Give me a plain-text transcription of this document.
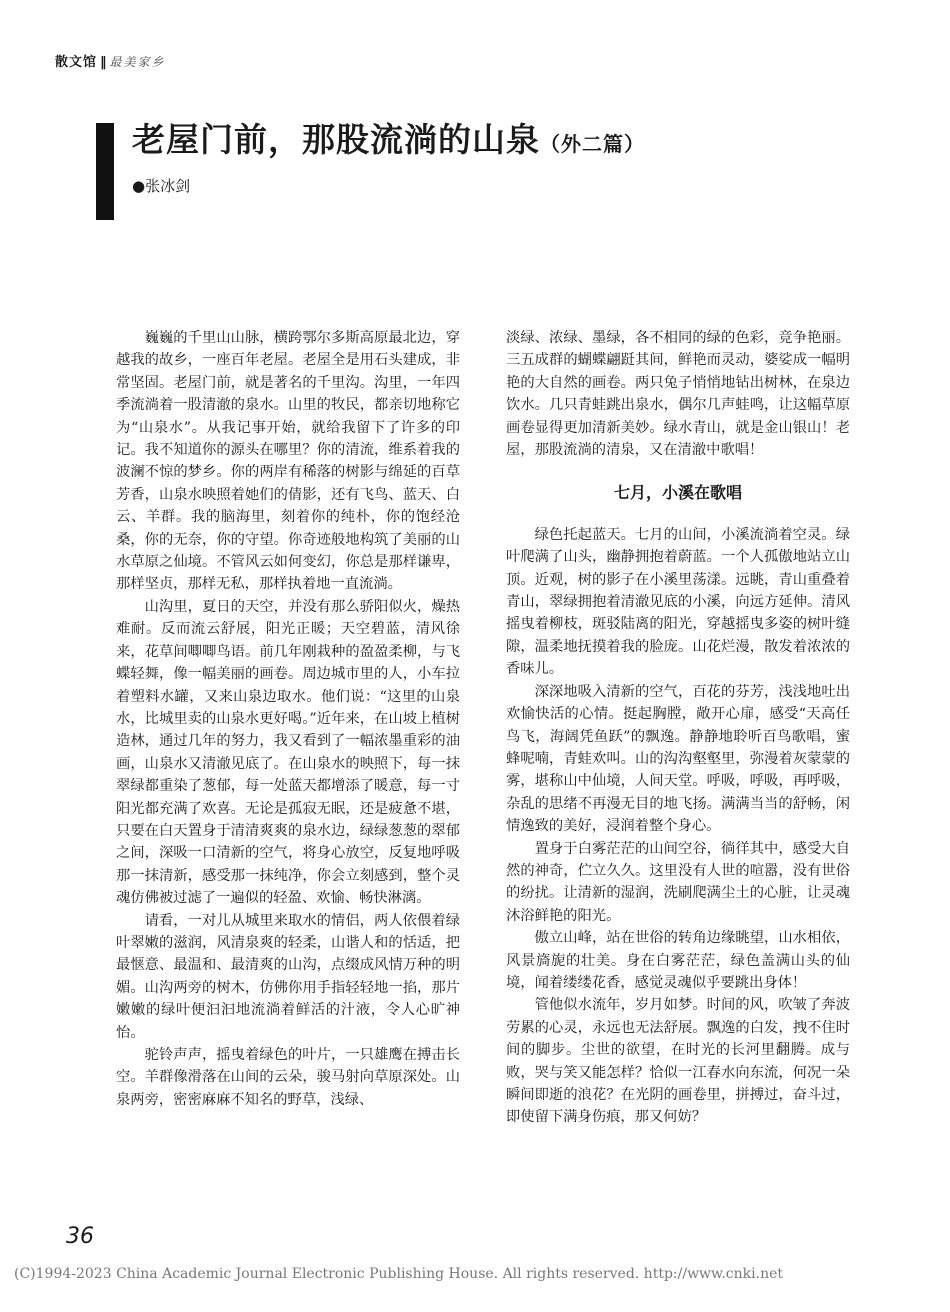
散文馆 ‖ 最美家乡
老屋门前，那股流淌的山泉（外二篇）
●张冰剑

巍巍的千里山山脉，横跨鄂尔多斯高原最北边，穿越我的故乡，一座百年老屋。老屋全是用石头建成，非常坚固。老屋门前，就是著名的千里沟。沟里，一年四季流淌着一股清澈的泉水。山里的牧民，都亲切地称它为“山泉水”。从我记事开始，就给我留下了许多的印记。我不知道你的源头在哪里？你的清流，维系着我的波澜不惊的梦乡。你的两岸有稀落的树影与绵延的百草芳香，山泉水映照着她们的倩影，还有飞鸟、蓝天、白云、羊群。我的脑海里，刻着你的纯朴，你的饱经沧桑，你的无奈，你的守望。你奇迹般地构筑了美丽的山水草原之仙境。不管风云如何变幻，你总是那样谦卑，那样坚贞，那样无私，那样执着地一直流淌。

山沟里，夏日的天空，并没有那么骄阳似火，燥热难耐。反而流云舒展，阳光正暖；天空碧蓝，清风徐来，花草间唧唧鸟语。前几年刚栽种的盈盈柔柳，与飞蝶轻舞，像一幅美丽的画卷。周边城市里的人，小车拉着塑料水罐，又来山泉边取水。他们说：“这里的山泉水，比城里卖的山泉水更好喝。”近年来，在山坡上植树造林，通过几年的努力，我又看到了一幅浓墨重彩的油画，山泉水又清澈见底了。在山泉水的映照下，每一抹翠绿都重染了葱郁，每一处蓝天都增添了暖意，每一寸阳光都充满了欢喜。无论是孤寂无眠，还是疲惫不堪，只要在白天置身于清清爽爽的泉水边，绿绿葱葱的翠郁之间，深吸一口清新的空气，将身心放空，反复地呼吸那一抹清新，感受那一抹纯净，你会立刻感到，整个灵魂仿佛被过滤了一遍似的轻盈、欢愉、畅快淋漓。

请看，一对儿从城里来取水的情侣，两人依偎着绿叶翠嫩的滋润，风清泉爽的轻柔，山谐人和的恬适，把最惬意、最温和、最清爽的山沟，点缀成风情万种的明媚。山沟两旁的树木，仿佛你用手指轻轻地一掐，那片嫩嫩的绿叶便汩汩地流淌着鲜活的汁液，令人心旷神怡。

驼铃声声，摇曳着绿色的叶片，一只雄鹰在搏击长空。羊群像滑落在山间的云朵，骏马射向草原深处。山泉两旁，密密麻麻不知名的野草，浅绿、

淡绿、浓绿、墨绿，各不相同的绿的色彩，竞争艳丽。三五成群的蝴蝶翩跹其间，鲜艳而灵动，婆娑成一幅明艳的大自然的画卷。两只兔子悄悄地钻出树林，在泉边饮水。几只青蛙跳出泉水，偶尔几声蛙鸣，让这幅草原画卷显得更加清新美妙。绿水青山，就是金山银山！老屋，那股流淌的清泉，又在清澈中歌唱！

七月，小溪在歌唱

绿色托起蓝天。七月的山间，小溪流淌着空灵。绿叶爬满了山头，幽静拥抱着蔚蓝。一个人孤傲地站立山顶。近观，树的影子在小溪里荡漾。远眺，青山重叠着青山，翠绿拥抱着清澈见底的小溪，向远方延伸。清风摇曳着柳枝，斑驳陆离的阳光，穿越摇曳多姿的树叶缝隙，温柔地抚摸着我的脸庞。山花烂漫，散发着浓浓的香味儿。

深深地吸入清新的空气，百花的芬芳，浅浅地吐出欢愉快活的心情。挺起胸膛，敞开心扉，感受“天高任鸟飞，海阔凭鱼跃”的飘逸。静静地聆听百鸟歌唱，蜜蜂呢喃，青蛙欢叫。山的沟沟壑壑里，弥漫着灰蒙蒙的雾，堪称山中仙境，人间天堂。呼吸，呼吸，再呼吸，杂乱的思绪不再漫无目的地飞扬。满满当当的舒畅，闲情逸致的美好，浸润着整个身心。

置身于白雾茫茫的山间空谷，徜徉其中，感受大自然的神奇，伫立久久。这里没有人世的喧嚣，没有世俗的纷扰。让清新的湿润，洗刷爬满尘土的心脏，让灵魂沐浴鲜艳的阳光。

傲立山峰，站在世俗的转角边缘眺望，山水相依，风景旖旎的壮美。身在白雾茫茫，绿色盖满山头的仙境，闻着缕缕花香，感觉灵魂似乎要跳出身体！

管他似水流年，岁月如梦。时间的风，吹皱了奔波劳累的心灵，永远也无法舒展。飘逸的白发，拽不住时间的脚步。尘世的欲望，在时光的长河里翻腾。成与败，哭与笑又能怎样？恰似一江春水向东流，何况一朵瞬间即逝的浪花？在光阴的画卷里，拼搏过，奋斗过，即使留下满身伤痕，那又何妨？

36
(C)1994-2023 China Academic Journal Electronic Publishing House. All rights reserved. http://www.cnki.net
